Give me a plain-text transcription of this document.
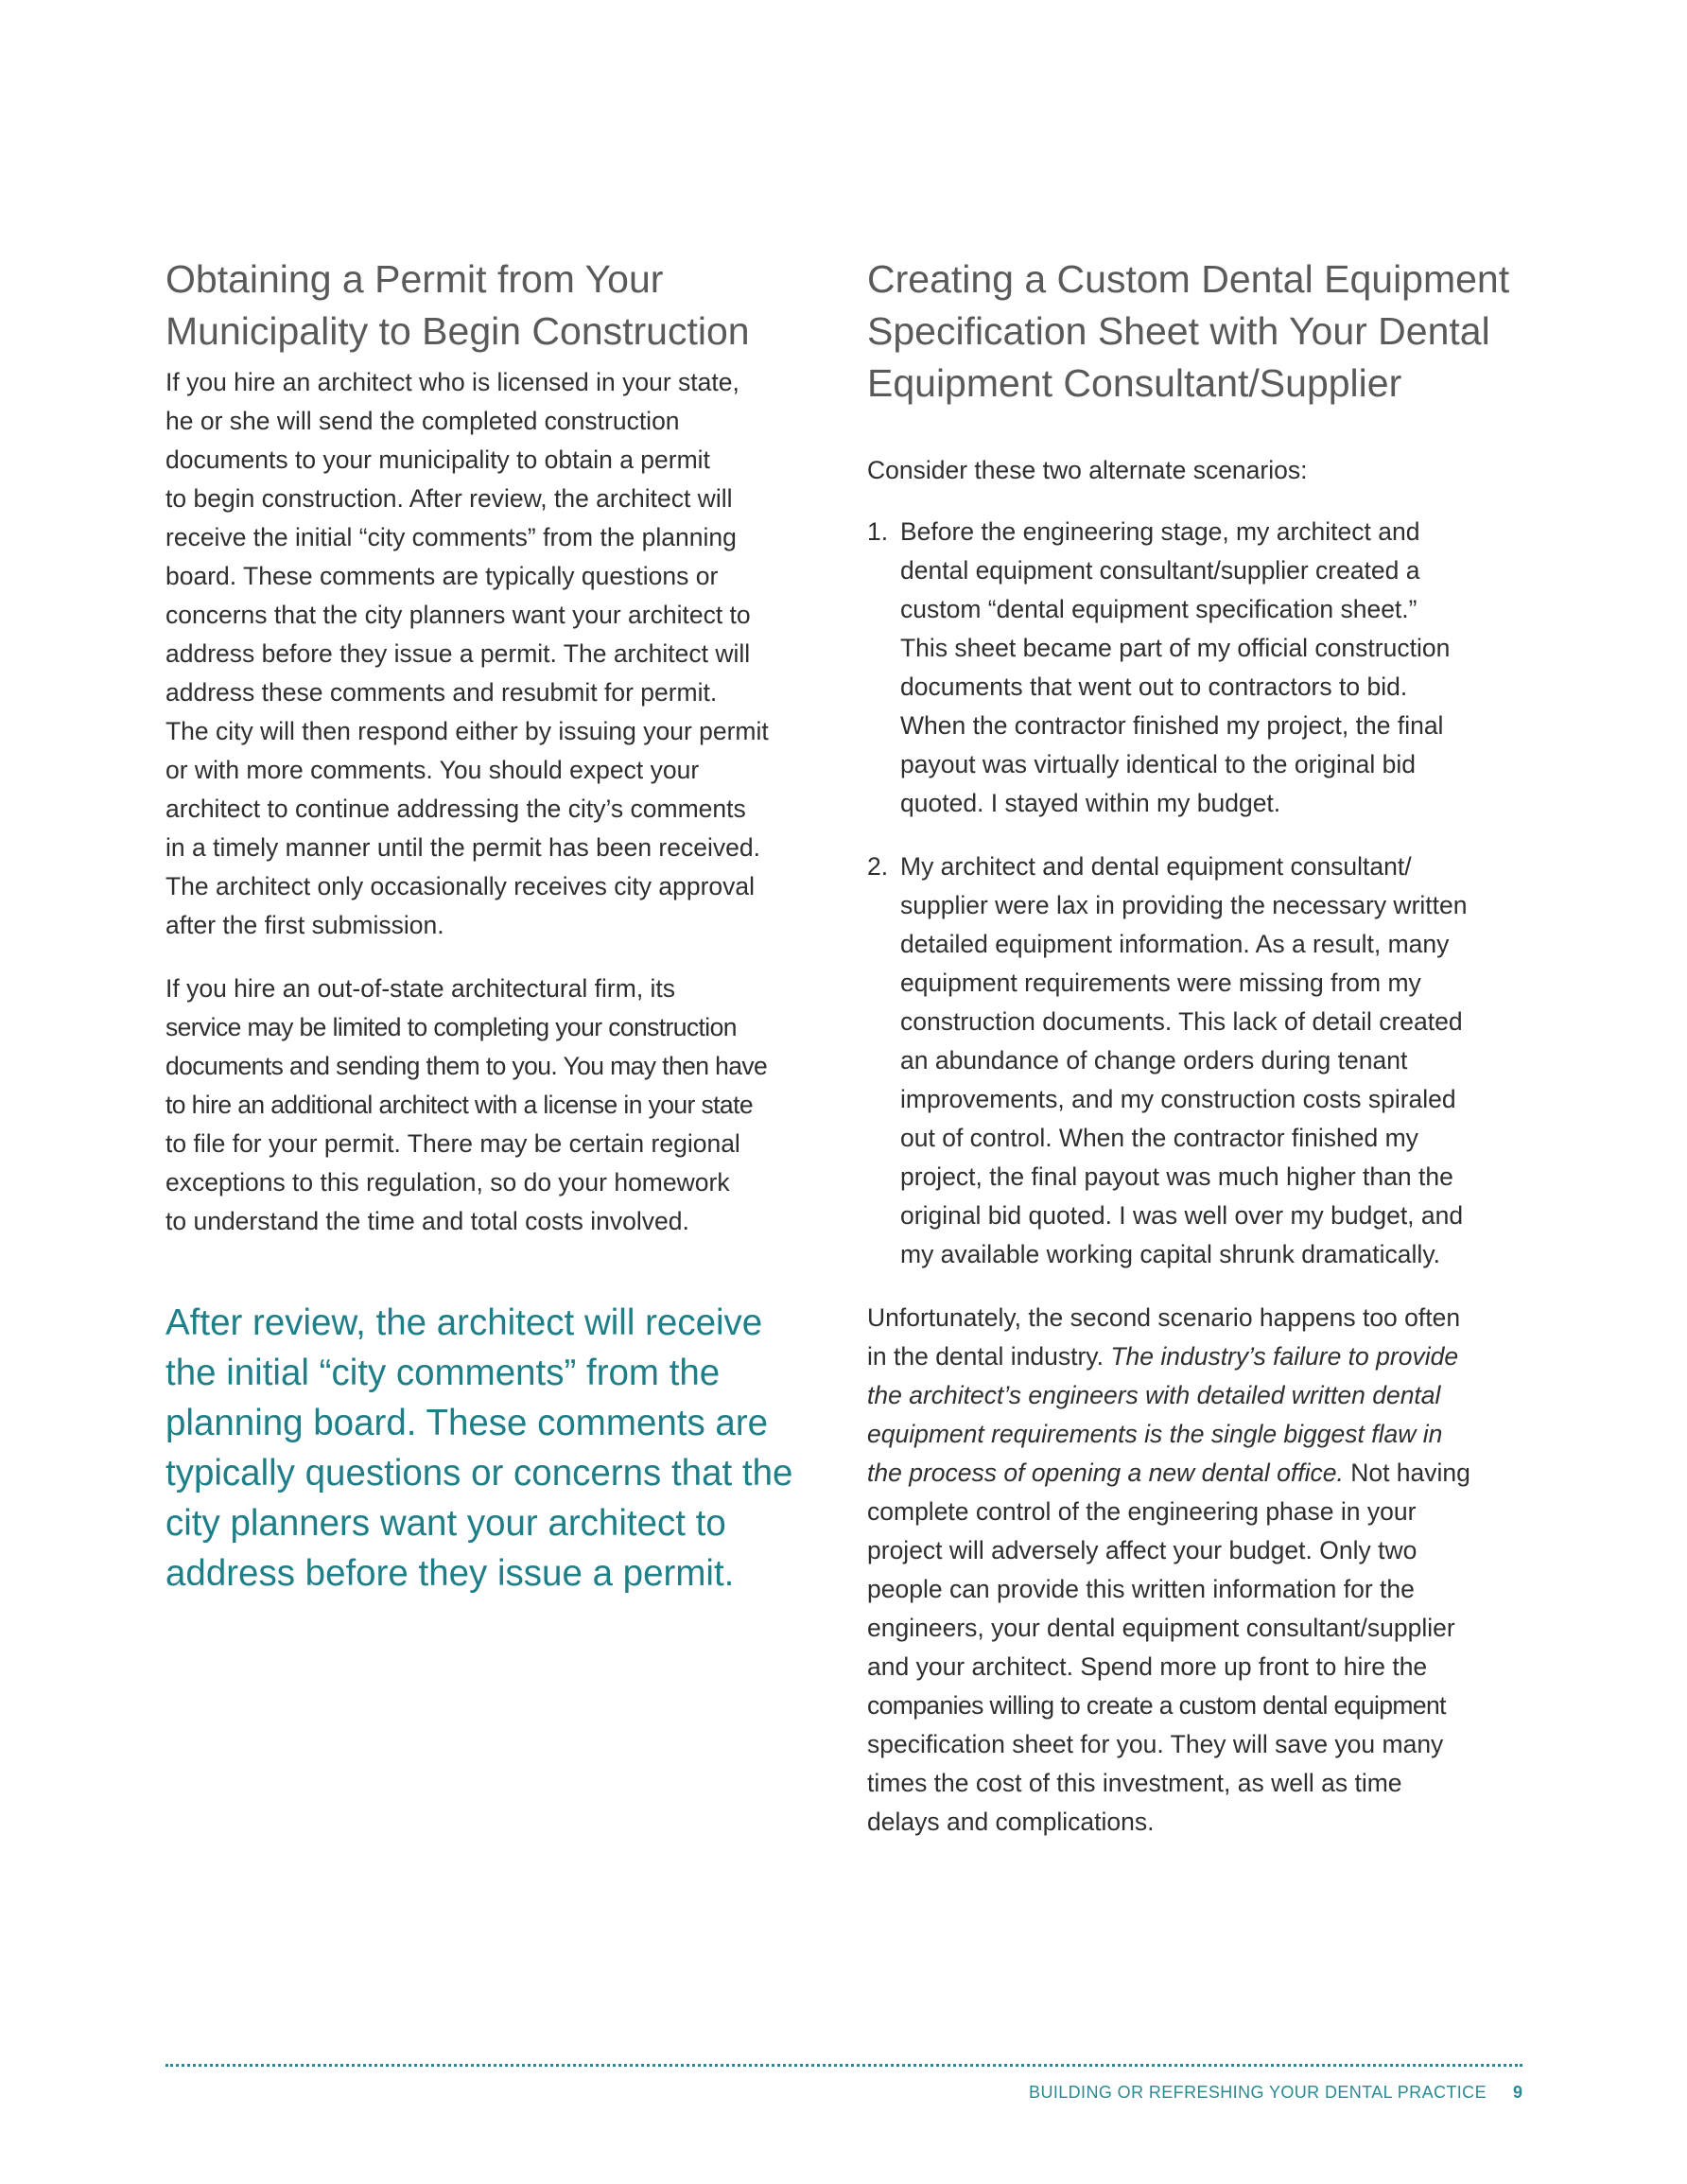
Obtaining a Permit from Your
Municipality to Begin Construction

If you hire an architect who is licensed in your state,
he or she will send the completed construction
documents to your municipality to obtain a permit
to begin construction. After review, the architect will
receive the initial “city comments” from the planning
board. These comments are typically questions or
concerns that the city planners want your architect to
address before they issue a permit. The architect will
address these comments and resubmit for permit.
The city will then respond either by issuing your permit
or with more comments. You should expect your
architect to continue addressing the city’s comments
in a timely manner until the permit has been received.
The architect only occasionally receives city approval
after the first submission.

If you hire an out-of-state architectural firm, its
service may be limited to completing your construction
documents and sending them to you. You may then have
to hire an additional architect with a license in your state
to file for your permit. There may be certain regional
exceptions to this regulation, so do your homework
to understand the time and total costs involved.

After review, the architect will receive
the initial “city comments” from the
planning board. These comments are
typically questions or concerns that the
city planners want your architect to
address before they issue a permit.

Creating a Custom Dental Equipment
Specification Sheet with Your Dental
Equipment Consultant/Supplier

Consider these two alternate scenarios:

1. Before the engineering stage, my architect and
dental equipment consultant/supplier created a
custom “dental equipment specification sheet.”
This sheet became part of my official construction
documents that went out to contractors to bid.
When the contractor finished my project, the final
payout was virtually identical to the original bid
quoted. I stayed within my budget.
2. My architect and dental equipment consultant/
supplier were lax in providing the necessary written
detailed equipment information. As a result, many
equipment requirements were missing from my
construction documents. This lack of detail created
an abundance of change orders during tenant
improvements, and my construction costs spiraled
out of control. When the contractor finished my
project, the final payout was much higher than the
original bid quoted. I was well over my budget, and
my available working capital shrunk dramatically.

Unfortunately, the second scenario happens too often
in the dental industry. The industry’s failure to provide
the architect’s engineers with detailed written dental
equipment requirements is the single biggest flaw in
the process of opening a new dental office. Not having
complete control of the engineering phase in your
project will adversely affect your budget. Only two
people can provide this written information for the
engineers, your dental equipment consultant/supplier
and your architect. Spend more up front to hire the
companies willing to create a custom dental equipment
specification sheet for you. They will save you many
times the cost of this investment, as well as time
delays and complications.

BUILDING OR REFRESHING YOUR DENTAL PRACTICE 9
